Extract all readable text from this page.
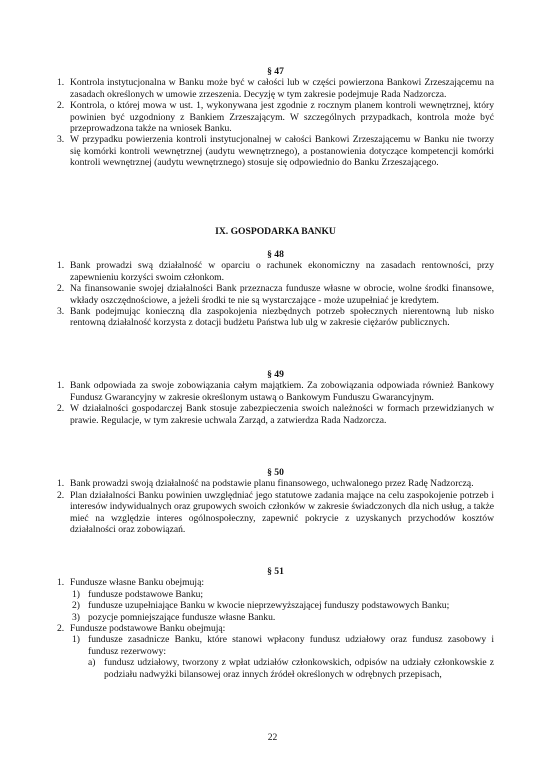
§ 47

1. Kontrola instytucjonalna w Banku może być w całości lub w części powierzona Bankowi Zrzeszającemu na zasadach określonych w umowie zrzeszenia. Decyzję w tym zakresie podejmuje Rada Nadzorcza.
2. Kontrola, o której mowa w ust. 1, wykonywana jest zgodnie z rocznym planem kontroli wewnętrznej, który powinien być uzgodniony z Bankiem Zrzeszającym. W szczególnych przypadkach, kontrola może być przeprowadzona także na wniosek Banku.
3. W przypadku powierzenia kontroli instytucjonalnej w całości Bankowi Zrzeszającemu w Banku nie tworzy się komórki kontroli wewnętrznej (audytu wewnętrznego), a postanowienia dotyczące kompetencji komórki kontroli wewnętrznej (audytu wewnętrznego) stosuje się odpowiednio do Banku Zrzeszającego.

IX. GOSPODARKA BANKU

§ 48

1. Bank prowadzi swą działalność w oparciu o rachunek ekonomiczny na zasadach rentowności, przy zapewnieniu korzyści swoim członkom.
2. Na finansowanie swojej działalności Bank przeznacza fundusze własne w obrocie, wolne środki finansowe, wkłady oszczędnościowe, a jeżeli środki te nie są wystarczające - może uzupełniać je kredytem.
3. Bank podejmując konieczną dla zaspokojenia niezbędnych potrzeb społecznych nierentowną lub nisko rentowną działalność korzysta z dotacji budżetu Państwa lub ulg w zakresie ciężarów publicznych.

§ 49

1. Bank odpowiada za swoje zobowiązania całym majątkiem. Za zobowiązania odpowiada również Bankowy Fundusz Gwarancyjny w zakresie określonym ustawą o Bankowym Funduszu Gwarancyjnym.
2. W działalności gospodarczej Bank stosuje zabezpieczenia swoich należności w formach przewidzianych w prawie. Regulacje, w tym zakresie uchwala Zarząd, a zatwierdza Rada Nadzorcza.

§ 50

1. Bank prowadzi swoją działalność na podstawie planu finansowego, uchwalonego przez Radę Nadzorczą.
2. Plan działalności Banku powinien uwzględniać jego statutowe zadania mające na celu zaspokojenie potrzeb i interesów indywidualnych oraz grupowych swoich członków w zakresie świadczonych dla nich usług, a także mieć na względzie interes ogólnospołeczny, zapewnić pokrycie z uzyskanych przychodów kosztów działalności oraz zobowiązań.

§ 51

1. Fundusze własne Banku obejmują:
1) fundusze podstawowe Banku;
2) fundusze uzupełniające Banku w kwocie nieprzewyższającej funduszy podstawowych Banku;
3) pozycje pomniejszające fundusze własne Banku.
2. Fundusze podstawowe Banku obejmują:
1) fundusze zasadnicze Banku, które stanowi wpłacony fundusz udziałowy oraz fundusz zasobowy i fundusz rezerwowy:
a) fundusz udziałowy, tworzony z wpłat udziałów członkowskich, odpisów na udziały członkowskie z podziału nadwyżki bilansowej oraz innych źródeł określonych w odrębnych przepisach,
22
